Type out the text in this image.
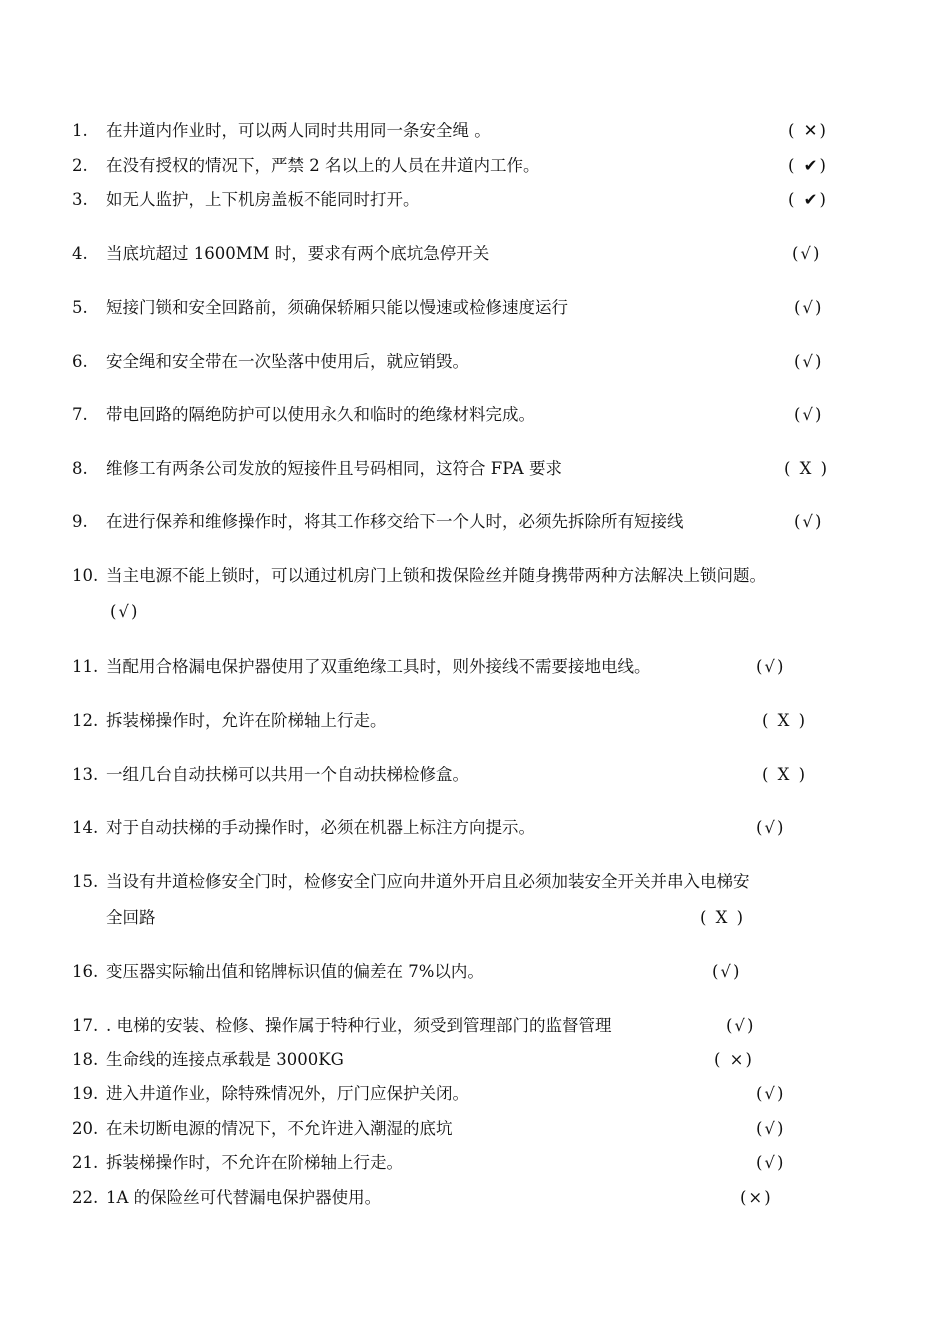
1. 在井道内作业时，可以两人同时共用同一条安全绳 。	( ✕)
2. 在没有授权的情况下，严禁 2 名以上的人员在井道内工作。	( ✔)
3. 如无人监护，上下机房盖板不能同时打开。	( ✔)
4. 当底坑超过 1600MM 时，要求有两个底坑急停开关	(√)
5. 短接门锁和安全回路前，须确保轿厢只能以慢速或检修速度运行	(√)
6. 安全绳和安全带在一次坠落中使用后，就应销毁。	(√)
7. 带电回路的隔绝防护可以使用永久和临时的绝缘材料完成。	(√)
8. 维修工有两条公司发放的短接件且号码相同，这符合 FPA 要求	( X )
9. 在进行保养和维修操作时，将其工作移交给下一个人时，必须先拆除所有短接线	(√)
10. 当主电源不能上锁时，可以通过机房门上锁和拨保险丝并随身携带两种方法解决上锁问题。
(√)
11. 当配用合格漏电保护器使用了双重绝缘工具时，则外接线不需要接地电线。	(√)
12. 拆装梯操作时，允许在阶梯轴上行走。	( X )
13. 一组几台自动扶梯可以共用一个自动扶梯检修盒。	( X )
14. 对于自动扶梯的手动操作时，必须在机器上标注方向提示。	(√)
15. 当设有井道检修安全门时，检修安全门应向井道外开启且必须加装安全开关并串入电梯安
全回路	( X )
16. 变压器实际输出值和铭牌标识值的偏差在 7%以内。	(√)
17. . 电梯的安装、检修、操作属于特种行业，须受到管理部门的监督管理	(√)
18. 生命线的连接点承载是 3000KG	( ×)
19. 进入井道作业，除特殊情况外，厅门应保护关闭。	(√)
20. 在未切断电源的情况下，不允许进入潮湿的底坑	(√)
21. 拆装梯操作时，不允许在阶梯轴上行走。	(√)
22. 1A 的保险丝可代替漏电保护器使用。	(×)
